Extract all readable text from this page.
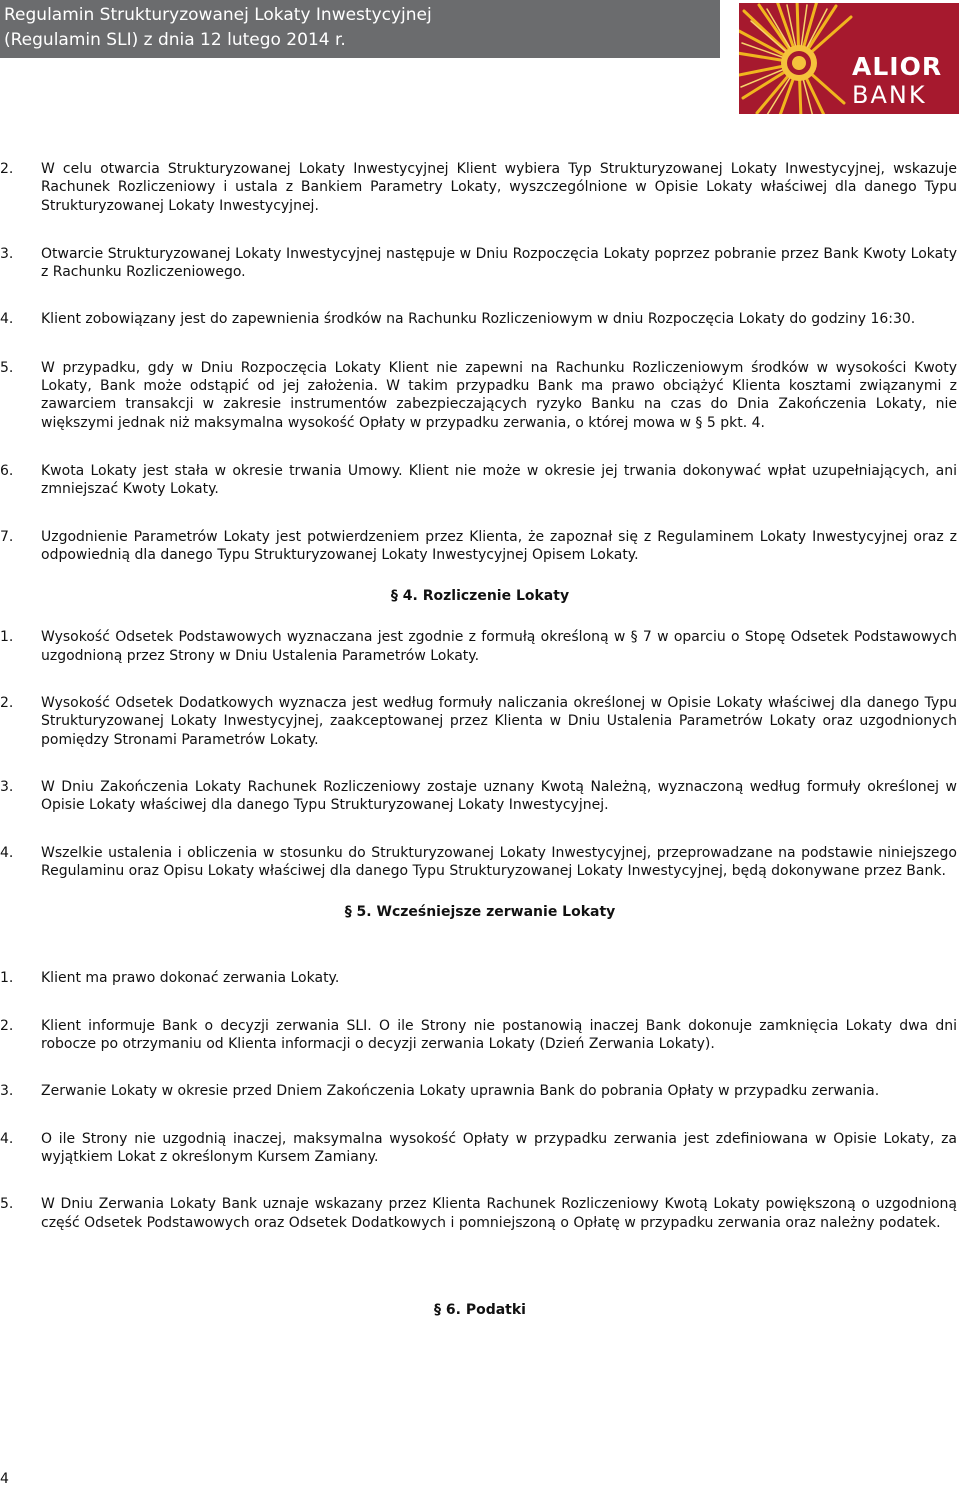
Regulamin Strukturyzowanej Lokaty Inwestycyjnej
(Regulamin SLI) z dnia 12 lutego 2014 r.
ALIOR
BANK
2.	W celu otwarcia Strukturyzowanej Lokaty Inwestycyjnej Klient wybiera Typ Strukturyzowanej Lokaty Inwestycyjnej, wskazuje Rachunek Rozliczeniowy i ustala z Bankiem Parametry Lokaty, wyszczególnione w Opisie Lokaty właściwej dla danego Typu Strukturyzowanej Lokaty Inwestycyjnej.
3.	Otwarcie Strukturyzowanej Lokaty Inwestycyjnej następuje w Dniu Rozpoczęcia Lokaty poprzez pobranie przez Bank Kwoty Lokaty z Rachunku Rozliczeniowego.
4.	Klient zobowiązany jest do zapewnienia środków na Rachunku Rozliczeniowym w dniu Rozpoczęcia Lokaty do godziny 16:30.
5.	W przypadku, gdy w Dniu Rozpoczęcia Lokaty Klient nie zapewni na Rachunku Rozliczeniowym środków w wysokości Kwoty Lokaty, Bank może odstąpić od jej założenia. W takim przypadku Bank ma prawo obciążyć Klienta kosztami związanymi z zawarciem transakcji w zakresie instrumentów zabezpieczających ryzyko Banku na czas do Dnia Zakończenia Lokaty, nie większymi jednak niż maksymalna wysokość Opłaty w przypadku zerwania, o której mowa w § 5 pkt. 4.
6.	Kwota Lokaty jest stała w okresie trwania Umowy. Klient nie może w okresie jej trwania dokonywać wpłat uzupełniających, ani zmniejszać Kwoty Lokaty.
7.	Uzgodnienie Parametrów Lokaty jest potwierdzeniem przez Klienta, że zapoznał się z Regulaminem Lokaty Inwestycyjnej oraz z odpowiednią dla danego Typu Strukturyzowanej Lokaty Inwestycyjnej Opisem Lokaty.
§ 4. Rozliczenie Lokaty
1.	Wysokość Odsetek Podstawowych wyznaczana jest zgodnie z formułą określoną w § 7 w oparciu o Stopę Odsetek Podstawowych uzgodnioną przez Strony w Dniu Ustalenia Parametrów Lokaty.
2.	Wysokość Odsetek Dodatkowych wyznacza jest według formuły naliczania określonej w Opisie Lokaty właściwej dla danego Typu Strukturyzowanej Lokaty Inwestycyjnej, zaakceptowanej przez Klienta w Dniu Ustalenia Parametrów Lokaty oraz uzgodnionych pomiędzy Stronami Parametrów Lokaty.
3.	W Dniu Zakończenia Lokaty Rachunek Rozliczeniowy zostaje uznany Kwotą Należną, wyznaczoną według formuły określonej w Opisie Lokaty właściwej dla danego Typu Strukturyzowanej Lokaty Inwestycyjnej.
4.	Wszelkie ustalenia i obliczenia w stosunku do Strukturyzowanej Lokaty Inwestycyjnej, przeprowadzane na podstawie niniejszego Regulaminu oraz Opisu Lokaty właściwej dla danego Typu Strukturyzowanej Lokaty Inwestycyjnej, będą dokonywane przez Bank.
§ 5. Wcześniejsze zerwanie Lokaty
1.	Klient ma prawo dokonać zerwania Lokaty.
2.	Klient informuje Bank o decyzji zerwania SLI. O ile Strony nie postanowią inaczej Bank dokonuje zamknięcia Lokaty dwa dni robocze po otrzymaniu od Klienta informacji o decyzji zerwania Lokaty (Dzień Zerwania Lokaty).
3.	Zerwanie Lokaty w okresie przed Dniem Zakończenia Lokaty uprawnia Bank do pobrania Opłaty w przypadku zerwania.
4.	O ile Strony nie uzgodnią inaczej, maksymalna wysokość Opłaty w przypadku zerwania jest zdefiniowana w Opisie Lokaty, za wyjątkiem Lokat z określonym Kursem Zamiany.
5.	W Dniu Zerwania Lokaty Bank uznaje wskazany przez Klienta Rachunek Rozliczeniowy Kwotą Lokaty powiększoną o uzgodnioną część Odsetek Podstawowych oraz Odsetek Dodatkowych i pomniejszoną o Opłatę w przypadku zerwania oraz należny podatek.
§ 6. Podatki
4
